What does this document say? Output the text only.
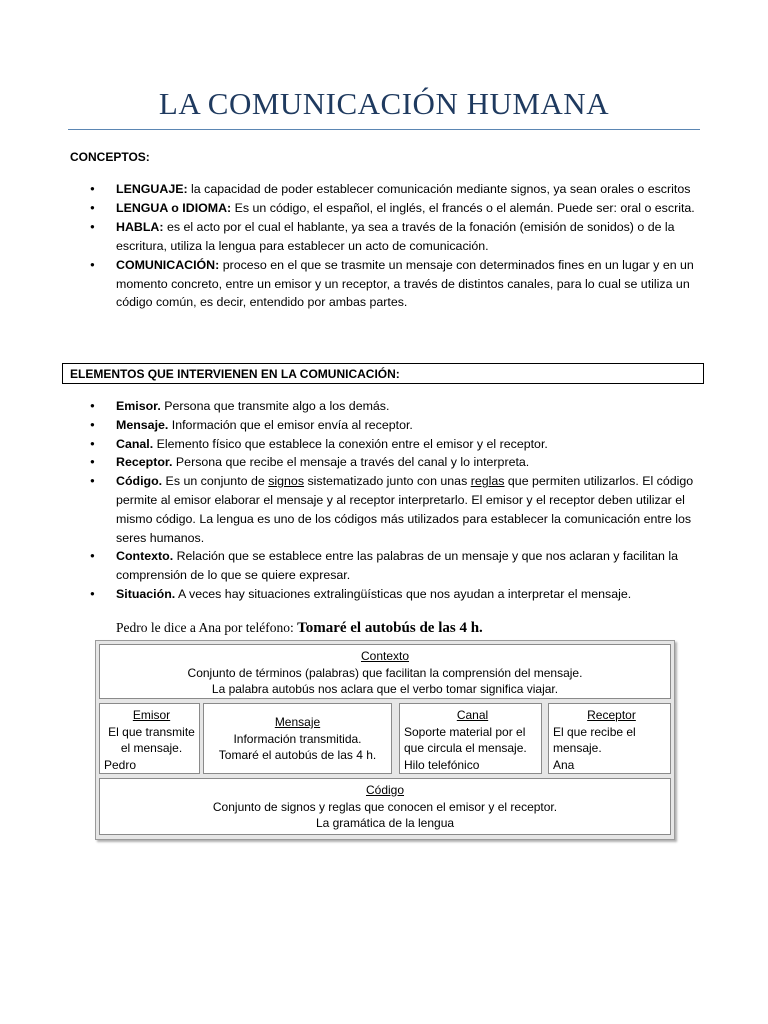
LA COMUNICACIÓN HUMANA
CONCEPTOS:
● LENGUAJE: la capacidad de poder establecer comunicación mediante signos, ya sean orales o escritos
● LENGUA o IDIOMA: Es un código, el español, el inglés, el francés o el alemán. Puede ser: oral o escrita.
● HABLA: es el acto por el cual el hablante, ya sea a través de la fonación (emisión de sonidos) o de la escritura, utiliza la lengua para establecer un acto de comunicación.
● COMUNICACIÓN: proceso en el que se trasmite un mensaje con determinados fines en un lugar y en un momento concreto, entre un emisor y un receptor, a través de distintos canales, para lo cual se utiliza un código común, es decir, entendido por ambas partes.
ELEMENTOS QUE INTERVIENEN EN LA COMUNICACIÓN:
● Emisor. Persona que transmite algo a los demás.
● Mensaje. Información que el emisor envía al receptor.
● Canal. Elemento físico que establece la conexión entre el emisor y el receptor.
● Receptor. Persona que recibe el mensaje a través del canal y lo interpreta.
● Código. Es un conjunto de signos sistematizado junto con unas reglas que permiten utilizarlos. El código permite al emisor elaborar el mensaje y al receptor interpretarlo. El emisor y el receptor deben utilizar el mismo código. La lengua es uno de los códigos más utilizados para establecer la comunicación entre los seres humanos.
● Contexto. Relación que se establece entre las palabras de un mensaje y que nos aclaran y facilitan la comprensión de lo que se quiere expresar.
● Situación. A veces hay situaciones extralingüísticas que nos ayudan a interpretar el mensaje.
Pedro le dice a Ana por teléfono: Tomaré el autobús de las 4 h.
Contexto
Conjunto de términos (palabras) que facilitan la comprensión del mensaje.
La palabra autobús nos aclara que el verbo tomar significa viajar.
Emisor
El que transmite
el mensaje.
Pedro
Mensaje
Información transmitida.
Tomaré el autobús de las 4 h.
Canal
Soporte material por el
que circula el mensaje.
Hilo telefónico
Receptor
El que recibe el
mensaje.
Ana
Código
Conjunto de signos y reglas que conocen el emisor y el receptor.
La gramática de la lengua
